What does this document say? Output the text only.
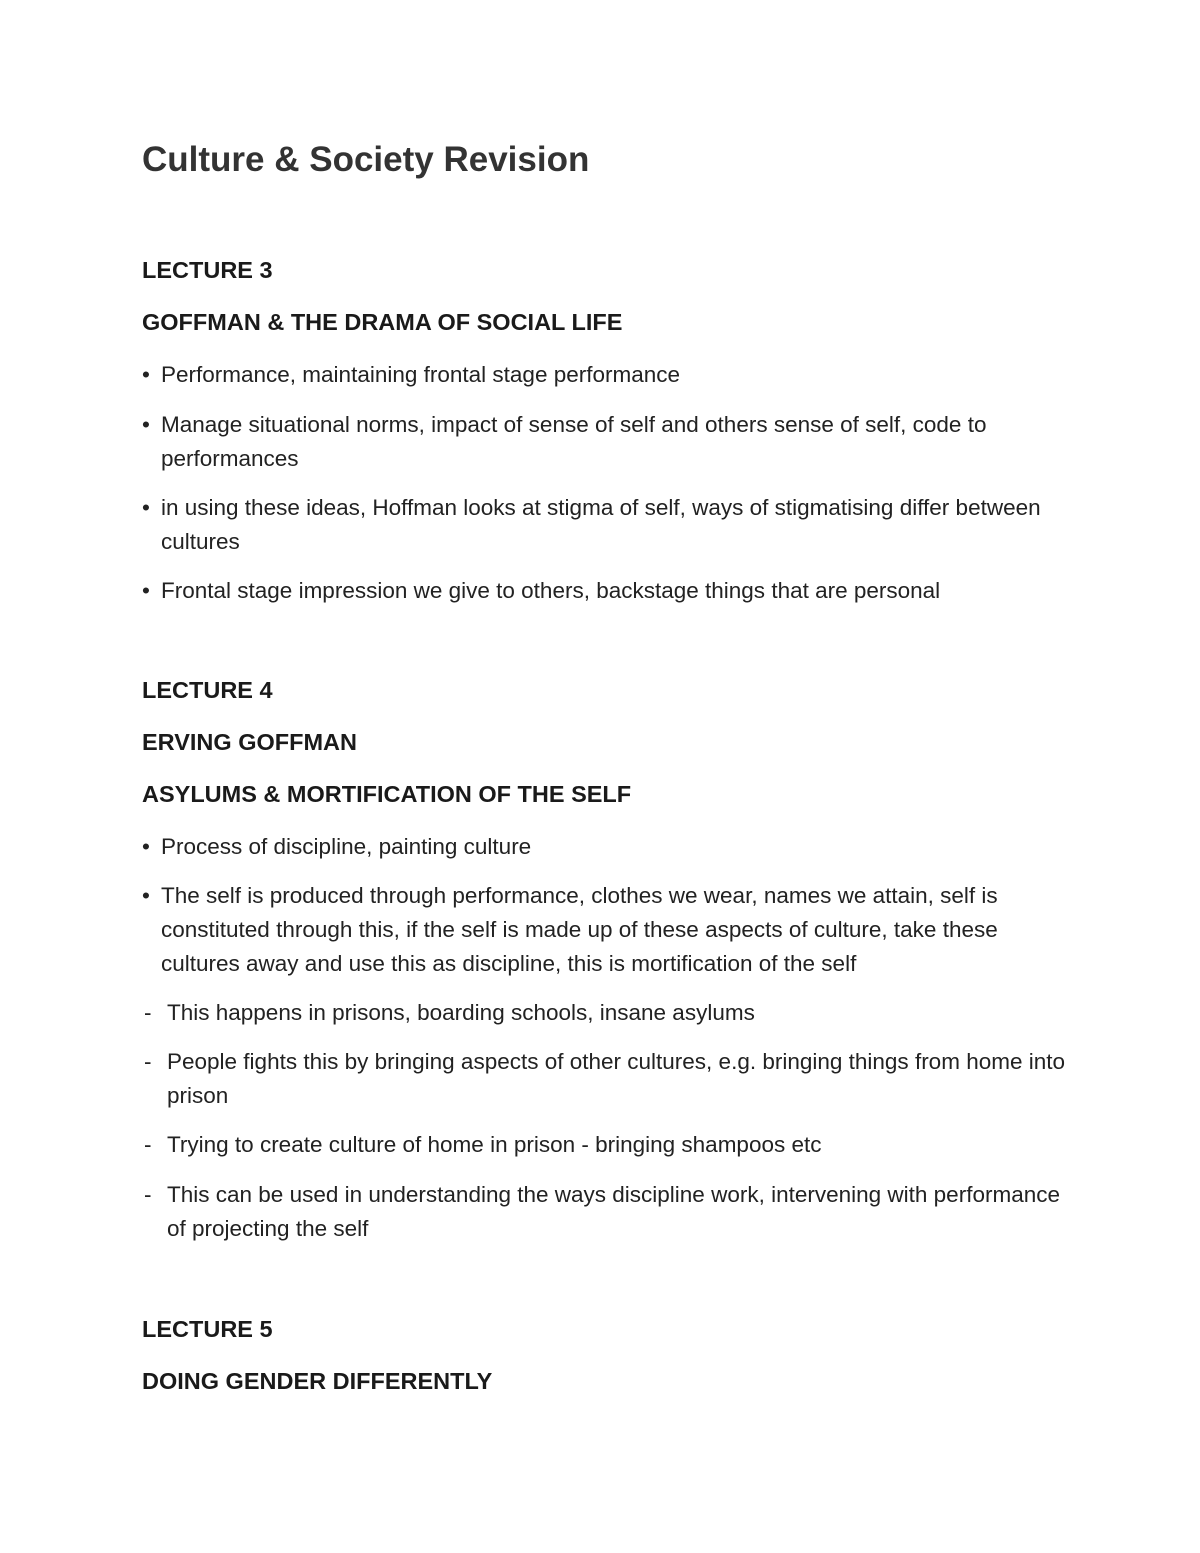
Culture & Society Revision
LECTURE 3
GOFFMAN & THE DRAMA OF SOCIAL LIFE
• Performance, maintaining frontal stage performance
• Manage situational norms, impact of sense of self and others sense of self, code to performances
• in using these ideas, Hoffman looks at stigma of self, ways of stigmatising differ between cultures
• Frontal stage impression we give to others, backstage things that are personal
LECTURE 4
ERVING GOFFMAN
ASYLUMS & MORTIFICATION OF THE SELF
• Process of discipline, painting culture
• The self is produced through performance, clothes we wear, names we attain, self is constituted through this, if the self is made up of these aspects of culture, take these cultures away and use this as discipline, this is mortification of the self
- This happens in prisons, boarding schools, insane asylums
- People fights this by bringing aspects of other cultures, e.g. bringing things from home into prison
- Trying to create culture of home in prison - bringing shampoos etc
- This can be used in understanding the ways discipline work, intervening with performance of projecting the self
LECTURE 5
DOING GENDER DIFFERENTLY
